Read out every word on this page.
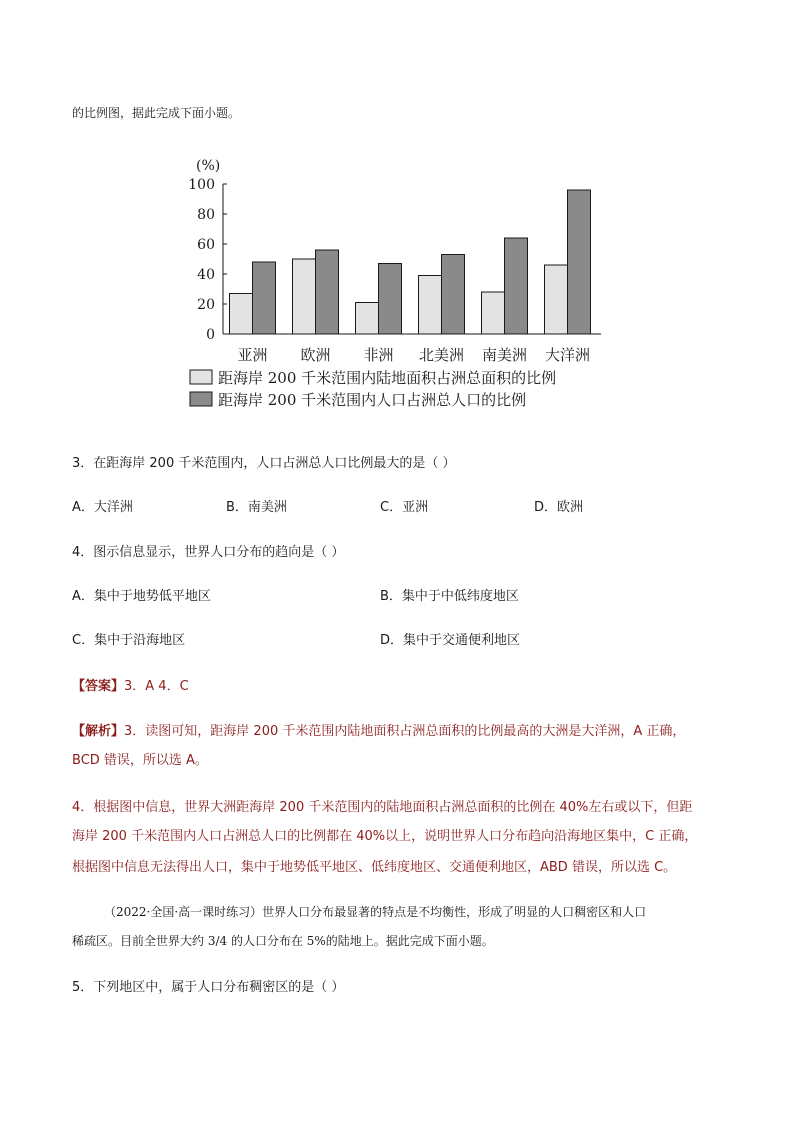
的比例图，据此完成下面小题。
(%)
0
20
40
60
80
100
亚洲 欧洲 非洲 北美洲 南美洲 大洋洲
距海岸 200 千米范围内陆地面积占洲总面积的比例
距海岸 200 千米范围内人口占洲总人口的比例
3．在距海岸 200 千米范围内，人口占洲总人口比例最大的是（ ）
A．大洋洲	B．南美洲	C．亚洲	D．欧洲
4．图示信息显示，世界人口分布的趋向是（ ）
A．集中于地势低平地区	B．集中于中低纬度地区
C．集中于沿海地区	D．集中于交通便利地区
【答案】3．A 4．C
【解析】3．读图可知，距海岸 200 千米范围内陆地面积占洲总面积的比例最高的大洲是大洋洲，A 正确，
BCD 错误，所以选 A。
4．根据图中信息，世界大洲距海岸 200 千米范围内的陆地面积占洲总面积的比例在 40%左右或以下，但距
海岸 200 千米范围内人口占洲总人口的比例都在 40%以上，说明世界人口分布趋向沿海地区集中，C 正确，
根据图中信息无法得出人口，集中于地势低平地区、低纬度地区、交通便利地区，ABD 错误，所以选 C。
（2022·全国·高一课时练习）世界人口分布最显著的特点是不均衡性，形成了明显的人口稠密区和人口
稀疏区。目前全世界大约 3/4 的人口分布在 5%的陆地上。据此完成下面小题。
5．下列地区中，属于人口分布稠密区的是（ ）
